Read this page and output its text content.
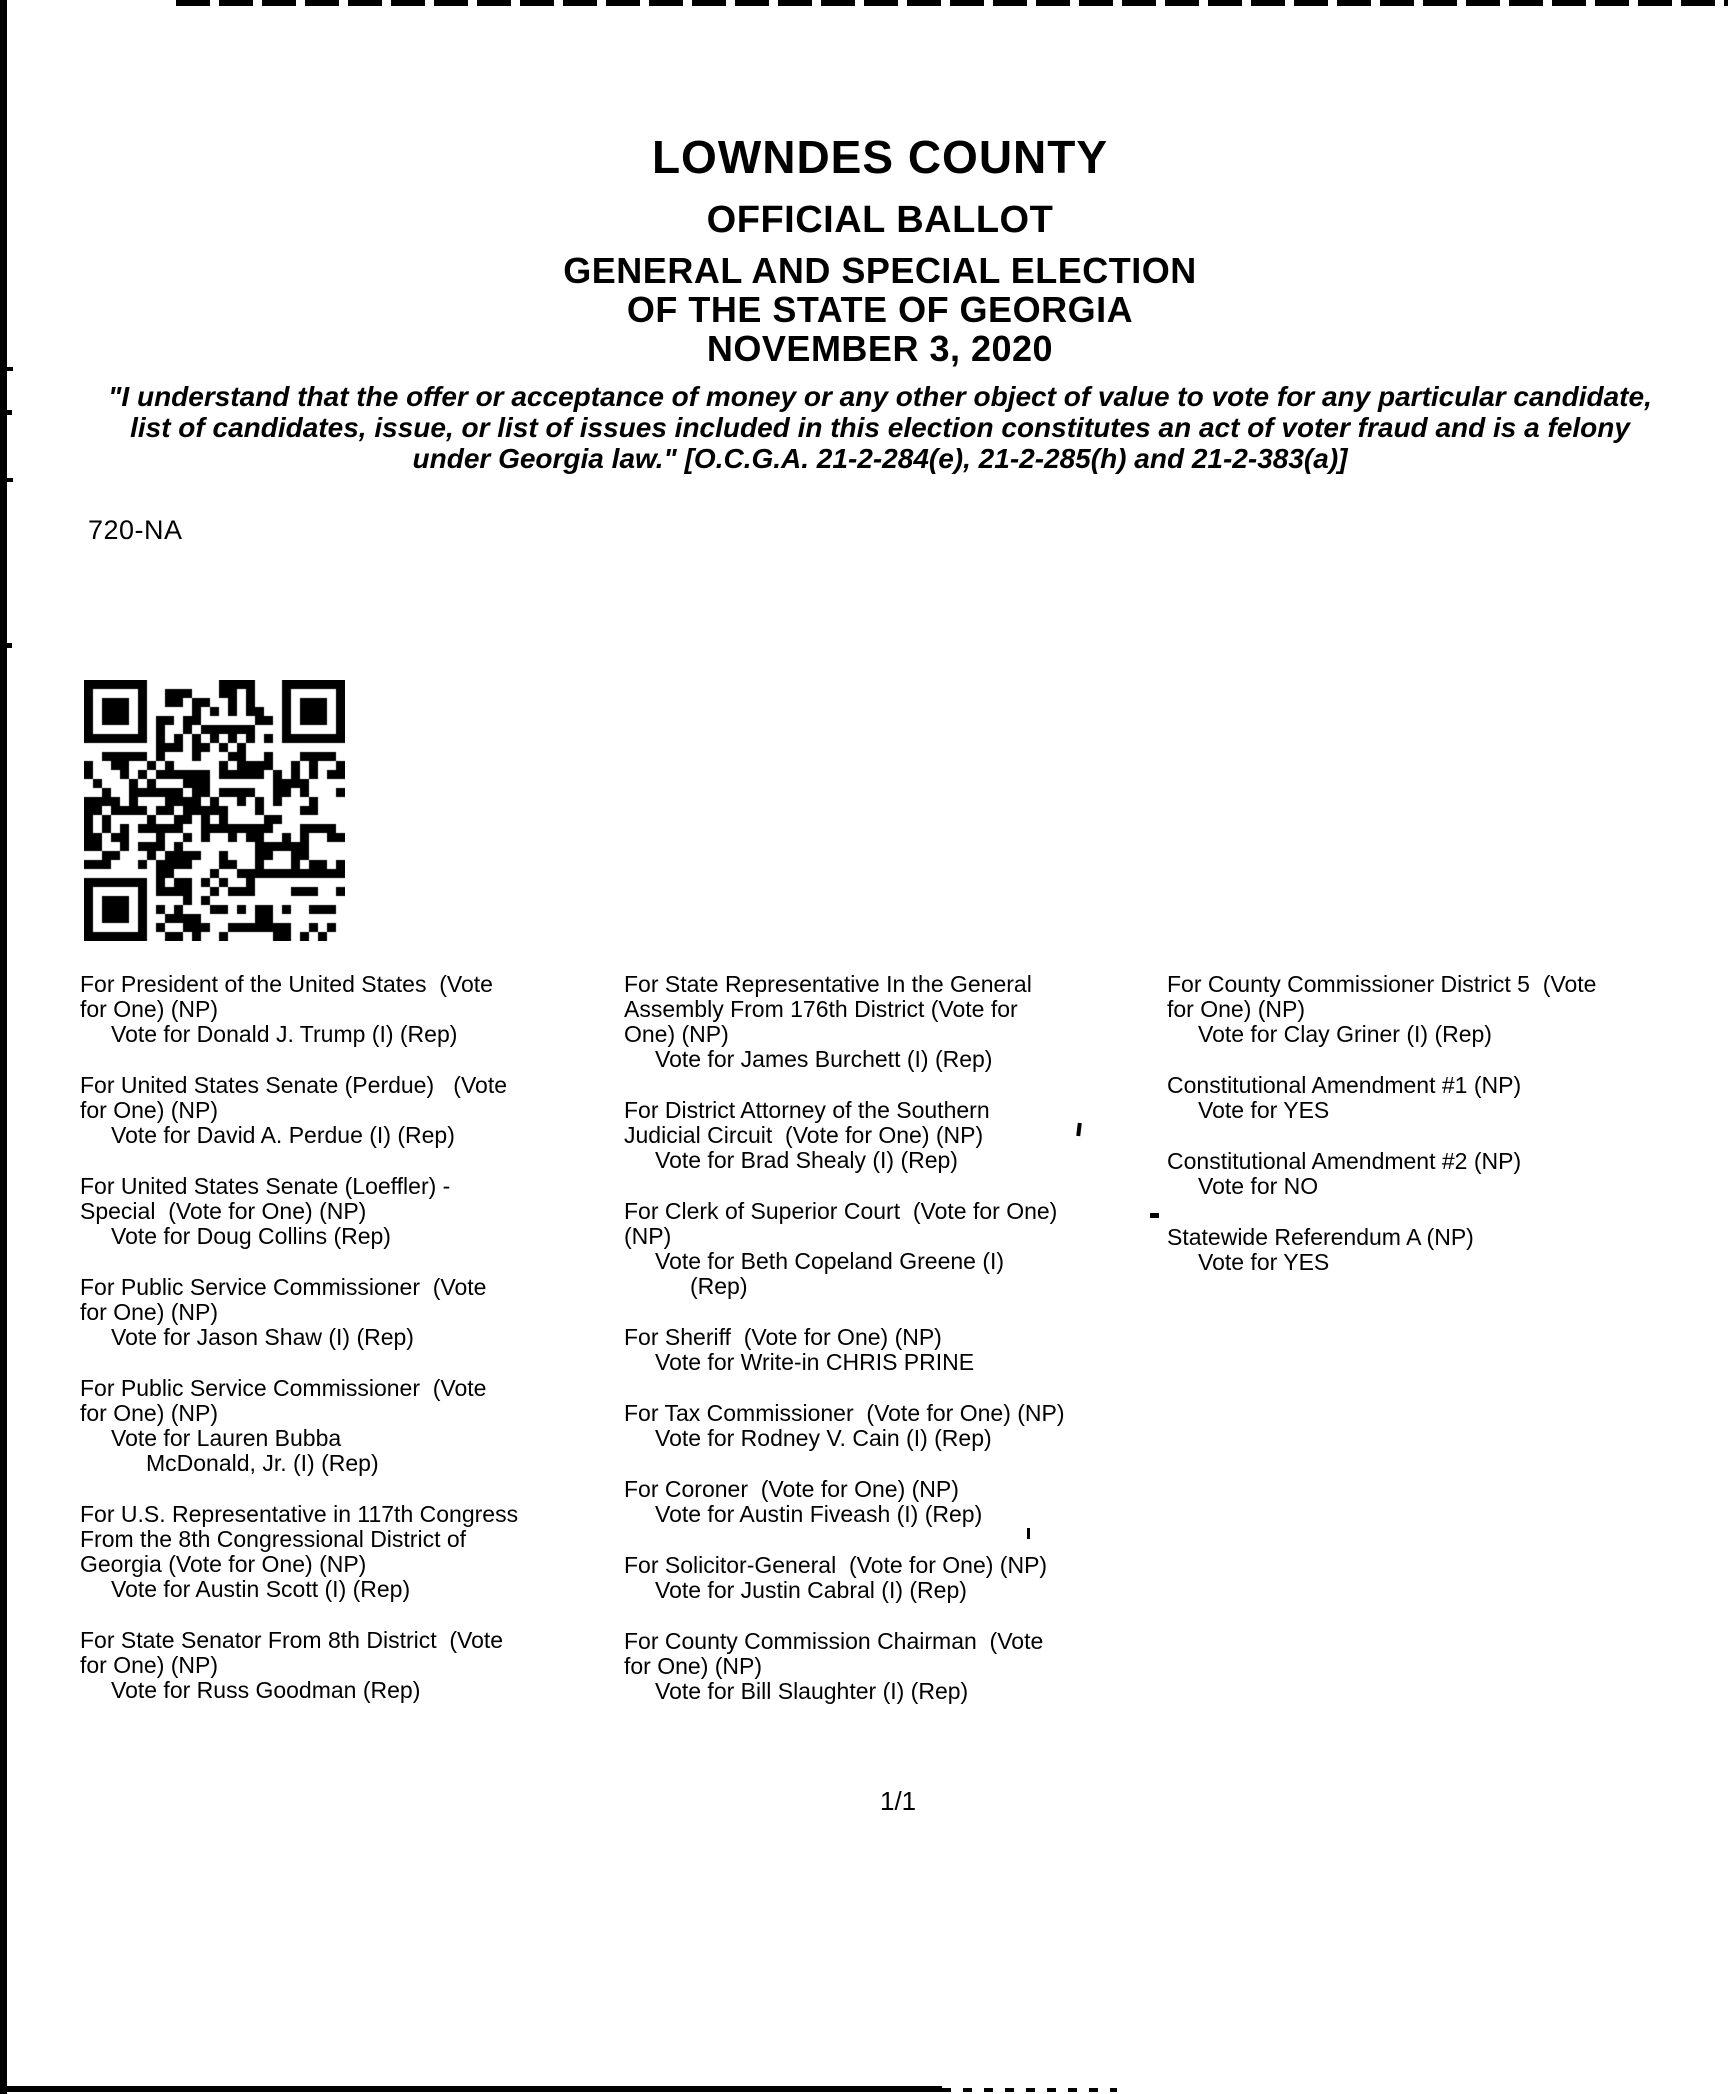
LOWNDES COUNTY
OFFICIAL BALLOT
GENERAL AND SPECIAL ELECTION
OF THE STATE OF GEORGIA
NOVEMBER 3, 2020
"I understand that the offer or acceptance of money or any other object of value to vote for any particular candidate,
list of candidates, issue, or list of issues included in this election constitutes an act of voter fraud and is a felony
under Georgia law." [O.C.G.A. 21-2-284(e), 21-2-285(h) and 21-2-383(a)]
720-NA
For President of the United States  (Vote
for One) (NP)
Vote for Donald J. Trump (I) (Rep)
For United States Senate (Perdue)   (Vote
for One) (NP)
Vote for David A. Perdue (I) (Rep)
For United States Senate (Loeffler) -
Special  (Vote for One) (NP)
Vote for Doug Collins (Rep)
For Public Service Commissioner  (Vote
for One) (NP)
Vote for Jason Shaw (I) (Rep)
For Public Service Commissioner  (Vote
for One) (NP)
Vote for Lauren Bubba
McDonald, Jr. (I) (Rep)
For U.S. Representative in 117th Congress
From the 8th Congressional District of
Georgia (Vote for One) (NP)
Vote for Austin Scott (I) (Rep)
For State Senator From 8th District  (Vote
for One) (NP)
Vote for Russ Goodman (Rep)
For State Representative In the General
Assembly From 176th District (Vote for
One) (NP)
Vote for James Burchett (I) (Rep)
For District Attorney of the Southern
Judicial Circuit  (Vote for One) (NP)
Vote for Brad Shealy (I) (Rep)
For Clerk of Superior Court  (Vote for One)
(NP)
Vote for Beth Copeland Greene (I)
(Rep)
For Sheriff  (Vote for One) (NP)
Vote for Write-in CHRIS PRINE
For Tax Commissioner  (Vote for One) (NP)
Vote for Rodney V. Cain (I) (Rep)
For Coroner  (Vote for One) (NP)
Vote for Austin Fiveash (I) (Rep)
For Solicitor-General  (Vote for One) (NP)
Vote for Justin Cabral (I) (Rep)
For County Commission Chairman  (Vote
for One) (NP)
Vote for Bill Slaughter (I) (Rep)
For County Commissioner District 5  (Vote
for One) (NP)
Vote for Clay Griner (I) (Rep)
Constitutional Amendment #1 (NP)
Vote for YES
Constitutional Amendment #2 (NP)
Vote for NO
Statewide Referendum A (NP)
Vote for YES
1/1
